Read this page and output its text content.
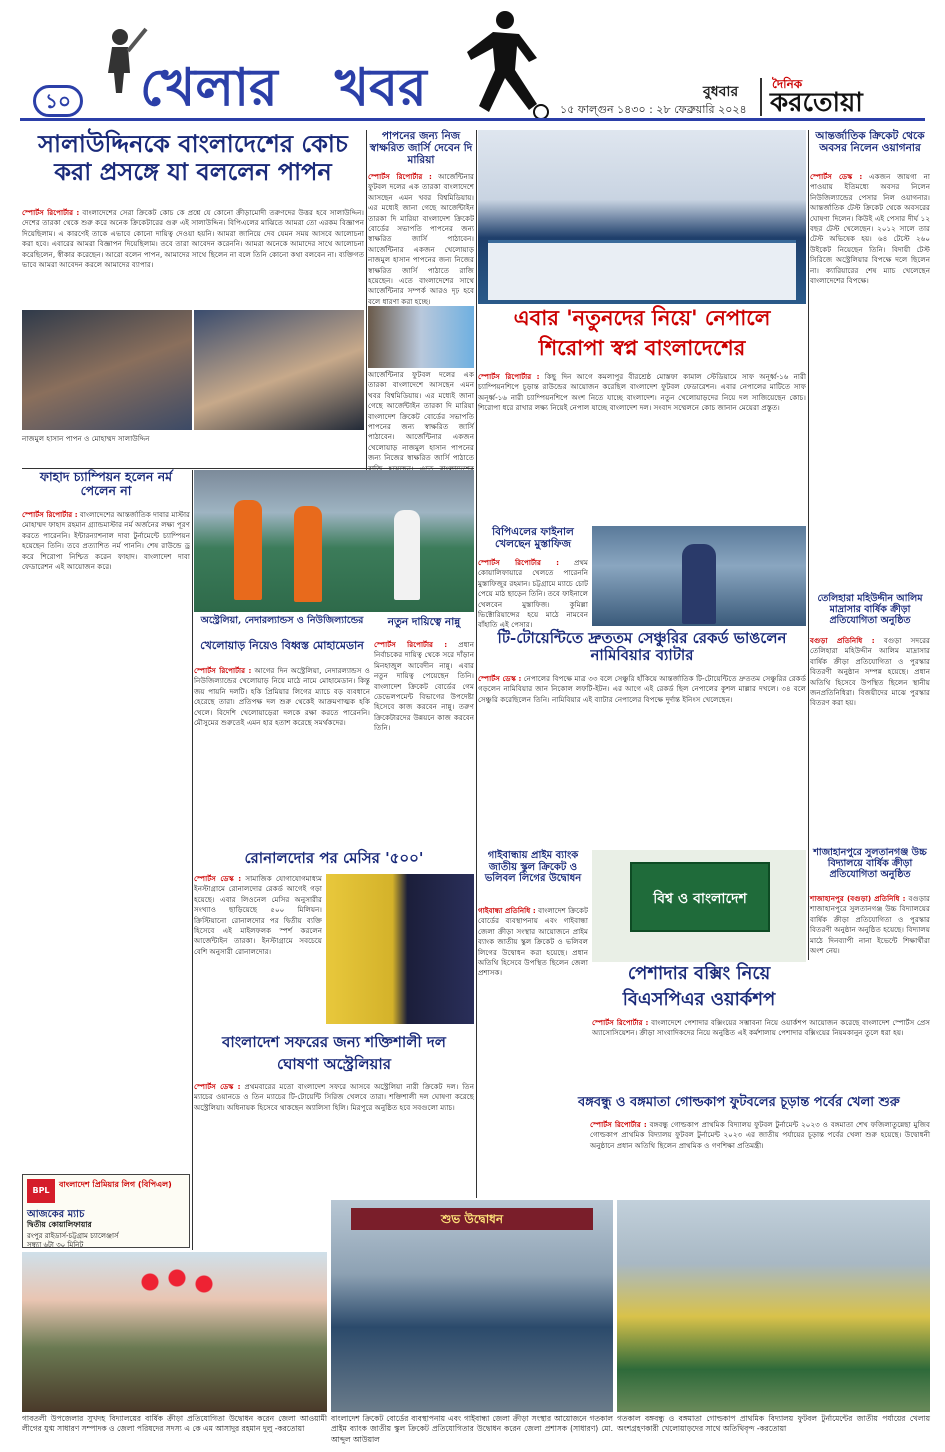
১০ খেলার খবর	বুধবার
১৫ ফাল্গুন ১৪৩০ : ২৮ ফেব্রুয়ারি ২০২৪
দৈনিক
করতোয়া
সালাউদ্দিনকে বাংলাদেশের কোচ করা প্রসঙ্গে যা বললেন পাপন
স্পোর্টস রিপোর্টার : বাংলাদেশের সেরা ক্রিকেট কোচ কে প্রশ্নে যে কোনো ক্রীড়ামোদী তরুণদের উত্তর হবে সালাউদ্দিন। দেশের তারকা থেকে শুরু করে অনেক ক্রিকেটারের গুরু এই সালাউদ্দিন। বিপিএলের মাঝিতে আমরা তো এরকম বিজ্ঞাপন দিয়েছিলাম। এ কারণেই তাকে এভাবে কোনো দায়িত্ব দেওয়া হয়নি। আমরা জানিয়ে দেব যেমন সময় আসবে আলোচনা করা হবে। এবারের আমরা বিজ্ঞাপন দিয়েছিলাম। তবে তারা আবেদন করেননি। আমরা অনেকে আমাদের সাথে আলোচনা করেছিলেন, স্বীকার করেছেন। আরো বলেন পাপন, আমাদের সাথে ছিলেন না বলে তিনি কোনো কথা বলবেন না। ব্যক্তিগত ভাবে আমরা আবেদন করলে আমাদের ব্যাপার।
নাজমুল হাসান পাপন ও মোহাম্মদ সালাউদ্দিন
পাপনের জন্য নিজ স্বাক্ষরিত জার্সি দেবেন দি মারিয়া
স্পোর্টস রিপোর্টার : আর্জেন্টিনার ফুটবল দলের এক তারকা বাংলাদেশে আসছেন এমন খবর বিশ্বমিডিয়ায়। এর মধ্যেই জানা গেছে আর্জেন্টাইন তারকা দি মারিয়া বাংলাদেশ ক্রিকেট বোর্ডের সভাপতি পাপনের জন্য স্বাক্ষরিত জার্সি পাঠাবেন। আর্জেন্টিনার একজন খেলোয়াড় নাজমুল হাসান পাপনের জন্য নিজের স্বাক্ষরিত জার্সি পাঠাতে রাজি হয়েছেন। এতে বাংলাদেশের সাথে আর্জেন্টিনার সম্পর্ক আরও দৃঢ় হবে বলে ধারণা করা হচ্ছে।
আর্জেন্টিনার ফুটবল দলের এক তারকা বাংলাদেশে আসছেন এমন খবর বিশ্বমিডিয়ায়। এর মধ্যেই জানা গেছে আর্জেন্টাইন তারকা দি মারিয়া বাংলাদেশ ক্রিকেট বোর্ডের সভাপতি পাপনের জন্য স্বাক্ষরিত জার্সি পাঠাবেন। আর্জেন্টিনার একজন খেলোয়াড় নাজমুল হাসান পাপনের জন্য নিজের স্বাক্ষরিত জার্সি পাঠাতে
এবার 'নতুনদের নিয়ে' নেপালে
শিরোপা স্বপ্ন বাংলাদেশের
স্পোর্টস রিপোর্টার : কিছু দিন আগে কমলাপুর বীরশ্রেষ্ঠ মোস্তফা কামাল স্টেডিয়ামে সাফ অনূর্ধ্ব-১৬ নারী চ্যাম্পিয়নশিপে চূড়ান্ত রাউন্ডের আয়োজন করেছিল বাংলাদেশ ফুটবল ফেডারেশন। এবার নেপালের মাটিতে সাফ অনূর্ধ্ব-১৬ নারী চ্যাম্পিয়নশিপে অংশ নিতে যাচ্ছে বাংলাদেশ। নতুন খেলোয়াড়দের নিয়ে দল সাজিয়েছেন কোচ। শিরোপা ধরে রাখার লক্ষ্য নিয়েই নেপাল যাচ্ছে বাংলাদেশ দল। সংবাদ সম্মেলনে কোচ জানান মেয়েরা প্রস্তুত।
আন্তর্জাতিক ক্রিকেট থেকে অবসর নিলেন ওয়াগনার
স্পোর্টস ডেস্ক : একজন জায়গা না পাওয়ায় ইতিমধ্যে অবসর নিলেন নিউজিল্যান্ডের পেসার নিল ওয়াগনার। আন্তর্জাতিক টেস্ট ক্রিকেট থেকে অবসরের ঘোষণা দিলেন। কিউই এই পেসার দীর্ঘ ১২ বছর টেস্ট খেলেছেন। ২০১২ সালে তার টেস্ট অভিষেক হয়। ৬৪ টেস্টে ২৬০ উইকেট নিয়েছেন তিনি। বিদায়ী টেস্ট সিরিজে অস্ট্রেলিয়ার বিপক্ষে দলে ছিলেন না। ক্যারিয়ারের শেষ ম্যাচ খেলেছেন বাংলাদেশের বিপক্ষে।
ফাহাদ চ্যাম্পিয়ন হলেন নর্ম পেলেন না
স্পোর্টস রিপোর্টার : বাংলাদেশের আন্তর্জাতিক দাবার মাস্টার মোহাম্মদ ফাহাদ রহমান গ্র্যান্ডমাস্টার নর্ম অর্জনের লক্ষ্য পূরণ করতে পারেননি। ইন্টারন্যাশনাল দাবা টুর্নামেন্টে চ্যাম্পিয়ন হয়েছেন তিনি। তবে প্রত্যাশিত নর্ম পাননি। শেষ রাউন্ডে ড্র করে শিরোপা নিশ্চিত করেন ফাহাদ। বাংলাদেশ দাবা ফেডারেশন এই আয়োজন করে।
বিপিএলের ফাইনাল খেলছেন মুস্তাফিজ
স্পোর্টস রিপোর্টার : প্রথম কোয়ালিফায়ারে খেলতে পারেননি মুস্তাফিজুর রহমান। চট্টগ্রামে ম্যাচে চোট পেয়ে মাঠ ছাড়েন তিনি। তবে ফাইনালে খেলবেন মুস্তাফিজ। কুমিল্লা ভিক্টোরিয়ান্সের হয়ে মাঠে নামবেন বাঁহাতি এই পেসার।
অস্ট্রেলিয়া, নেদারল্যান্ডস ও নিউজিল্যান্ডের
খেলোয়াড় নিয়েও বিধ্বস্ত মোহামেডান
স্পোর্টস রিপোর্টার : আগের দিন অস্ট্রেলিয়া, নেদারল্যান্ডস ও নিউজিল্যান্ডের খেলোয়াড় নিয়ে মাঠে নামে মোহামেডান। কিন্তু জয় পায়নি দলটি। হকি প্রিমিয়ার লিগের ম্যাচে বড় ব্যবধানে হেরেছে তারা। প্রতিপক্ষ দল শুরু থেকেই আক্রমণাত্মক হকি খেলে। বিদেশি খেলোয়াড়েরা দলকে রক্ষা করতে পারেননি। মৌসুমের শুরুতেই এমন হার হতাশ করেছে সমর্থকদের।
নতুন দায়িত্বে নান্নু
স্পোর্টস রিপোর্টার : প্রধান নির্বাচকের দায়িত্ব থেকে সরে দাঁড়ান মিনহাজুল আবেদীন নান্নু। এবার নতুন দায়িত্ব পেয়েছেন তিনি। বাংলাদেশ ক্রিকেট বোর্ডের গেম ডেভেলপমেন্ট বিভাগের উপদেষ্টা হিসেবে কাজ করবেন নান্নু। তরুণ ক্রিকেটারদের উন্নয়নে কাজ করবেন তিনি।
টি-টোয়েন্টিতে দ্রুততম সেঞ্চুরির রেকর্ড ভাঙলেন নামিবিয়ার ব্যাটার
স্পোর্টস ডেস্ক : নেপালের বিপক্ষে মাত্র ৩৩ বলে সেঞ্চুরি হাঁকিয়ে আন্তর্জাতিক টি-টোয়েন্টিতে দ্রুততম সেঞ্চুরির রেকর্ড গড়লেন নামিবিয়ার জান নিকোল লফটি-ইটন। এর আগে এই রেকর্ড ছিল নেপালের কুশল মাল্লার দখলে। ৩৪ বলে সেঞ্চুরি করেছিলেন তিনি। নামিবিয়ার এই ব্যাটার নেপালের বিপক্ষে দুর্দান্ত ইনিংস খেলেছেন।
তেলিহারা মহিউদ্দীন আলিম মাদ্রাসার বার্ষিক ক্রীড়া প্রতিযোগিতা অনুষ্ঠিত
বগুড়া প্রতিনিধি : বগুড়া সদরের তেলিহারা মহিউদ্দীন আলিম মাদ্রাসার বার্ষিক ক্রীড়া প্রতিযোগিতা ও পুরস্কার বিতরণী অনুষ্ঠান সম্পন্ন হয়েছে। প্রধান অতিথি হিসেবে উপস্থিত ছিলেন স্থানীয় জনপ্রতিনিধিরা। বিজয়ীদের মাঝে পুরস্কার বিতরণ করা হয়।
রোনালদোর পর মেসির '৫০০'
স্পোর্টস ডেস্ক : সামাজিক যোগাযোগমাধ্যম ইনস্টাগ্রামে রোনালদোর রেকর্ড আগেই গড়া হয়েছে। এবার লিওনেল মেসির অনুসারীর সংখ্যাও ছাড়িয়েছে ৫০০ মিলিয়ন। ক্রিস্টিয়ানো রোনালদোর পর দ্বিতীয় ব্যক্তি হিসেবে এই মাইলফলক স্পর্শ করলেন আর্জেন্টাইন তারকা। ইনস্টাগ্রামে সবচেয়ে বেশি অনুসারী রোনালদোর।
গাইবান্ধায় প্রাইম ব্যাংক জাতীয় স্কুল ক্রিকেট ও ভলিবল লিগের উদ্বোধন
গাইবান্ধা প্রতিনিধি : বাংলাদেশ ক্রিকেট বোর্ডের ব্যবস্থাপনায় এবং গাইবান্ধা জেলা ক্রীড়া সংস্থার আয়োজনে প্রাইম ব্যাংক জাতীয় স্কুল ক্রিকেট ও ভলিবল লিগের উদ্বোধন করা হয়েছে। প্রধান অতিথি হিসেবে উপস্থিত ছিলেন জেলা প্রশাসক।
বিশ্ব ও বাংলাদেশ
পেশাদার বক্সিং নিয়ে
বিএসপিএর ওয়ার্কশপ
স্পোর্টস রিপোর্টার : বাংলাদেশে পেশাদার বক্সিংয়ের সম্ভাবনা নিয়ে ওয়ার্কশপ আয়োজন করেছে বাংলাদেশ স্পোর্টস প্রেস অ্যাসোসিয়েশন। ক্রীড়া সাংবাদিকদের নিয়ে অনুষ্ঠিত এই কর্মশালায় পেশাদার বক্সিংয়ের নিয়মকানুন তুলে ধরা হয়।
শাজাহানপুরে সুলতানগঞ্জ উচ্চ বিদ্যালয়ে বার্ষিক ক্রীড়া প্রতিযোগিতা অনুষ্ঠিত
শাজাহানপুর (বগুড়া) প্রতিনিধি : বগুড়ার শাজাহানপুরে সুলতানগঞ্জ উচ্চ বিদ্যালয়ের বার্ষিক ক্রীড়া প্রতিযোগিতা ও পুরস্কার বিতরণী অনুষ্ঠান অনুষ্ঠিত হয়েছে। বিদ্যালয় মাঠে দিনব্যাপী নানা ইভেন্টে শিক্ষার্থীরা অংশ নেয়।
বাংলাদেশ সফরের জন্য শক্তিশালী দল
ঘোষণা অস্ট্রেলিয়ার
স্পোর্টস ডেস্ক : প্রথমবারের মতো বাংলাদেশ সফরে আসবে অস্ট্রেলিয়া নারী ক্রিকেট দল। তিন ম্যাচের ওয়ানডে ও তিন ম্যাচের টি-টোয়েন্টি সিরিজ খেলবে তারা। শক্তিশালী দল ঘোষণা করেছে অস্ট্রেলিয়া। অধিনায়ক হিসেবে থাকছেন অ্যালিসা হিলি। মিরপুরে অনুষ্ঠিত হবে সবগুলো ম্যাচ।
BPL
বাংলাদেশ প্রিমিয়ার লিগ (বিপিএল)
আজকের ম্যাচ
দ্বিতীয় কোয়ালিফায়ার
রংপুর রাইডার্স-চট্টগ্রাম চ্যালেঞ্জার্স
সন্ধ্যা ৬টা ৩০ মিনিট
বঙ্গবন্ধু ও বঙ্গমাতা গোল্ডকাপ ফুটবলের চূড়ান্ত পর্বের খেলা শুরু
স্পোর্টস রিপোর্টার : বঙ্গবন্ধু গোল্ডকাপ প্রাথমিক বিদ্যালয় ফুটবল টুর্নামেন্ট ২০২৩ ও বঙ্গমাতা শেখ ফজিলাতুন্নেছা মুজিব গোল্ডকাপ প্রাথমিক বিদ্যালয় ফুটবল টুর্নামেন্ট ২০২৩ এর জাতীয় পর্যায়ের চূড়ান্ত পর্বের খেলা শুরু হয়েছে। উদ্বোধনী অনুষ্ঠানে প্রধান অতিথি ছিলেন প্রাথমিক ও গণশিক্ষা প্রতিমন্ত্রী।
শুভ উদ্বোধন
গাবতলী উপজেলার সুখদহ বিদ্যালয়ের বার্ষিক ক্রীড়া প্রতিযোগিতা উদ্বোধন করেন জেলা আওয়ামী লীগের যুগ্ম সাধারণ সম্পাদক ও জেলা পরিষদের সদস্য এ কে এম আসাদুর রহমান দুলু -করতোয়া
বাংলাদেশ ক্রিকেট বোর্ডের ব্যবস্থাপনায় এবং গাইবান্ধা জেলা ক্রীড়া সংস্থার আয়োজনে গতকাল প্রাইম ব্যাংক জাতীয় স্কুল ক্রিকেট প্রতিযোগিতার উদ্বোধন করেন জেলা প্রশাসক (সাধারণ) মো. আব্দুল আউয়াল
গতকাল বঙ্গবন্ধু ও বঙ্গমাতা গোল্ডকাপ প্রাথমিক বিদ্যালয় ফুটবল টুর্নামেন্টের জাতীয় পর্যায়ের খেলায় অংশগ্রহণকারী খেলোয়াড়দের সাথে অতিথিবৃন্দ -করতোয়া
